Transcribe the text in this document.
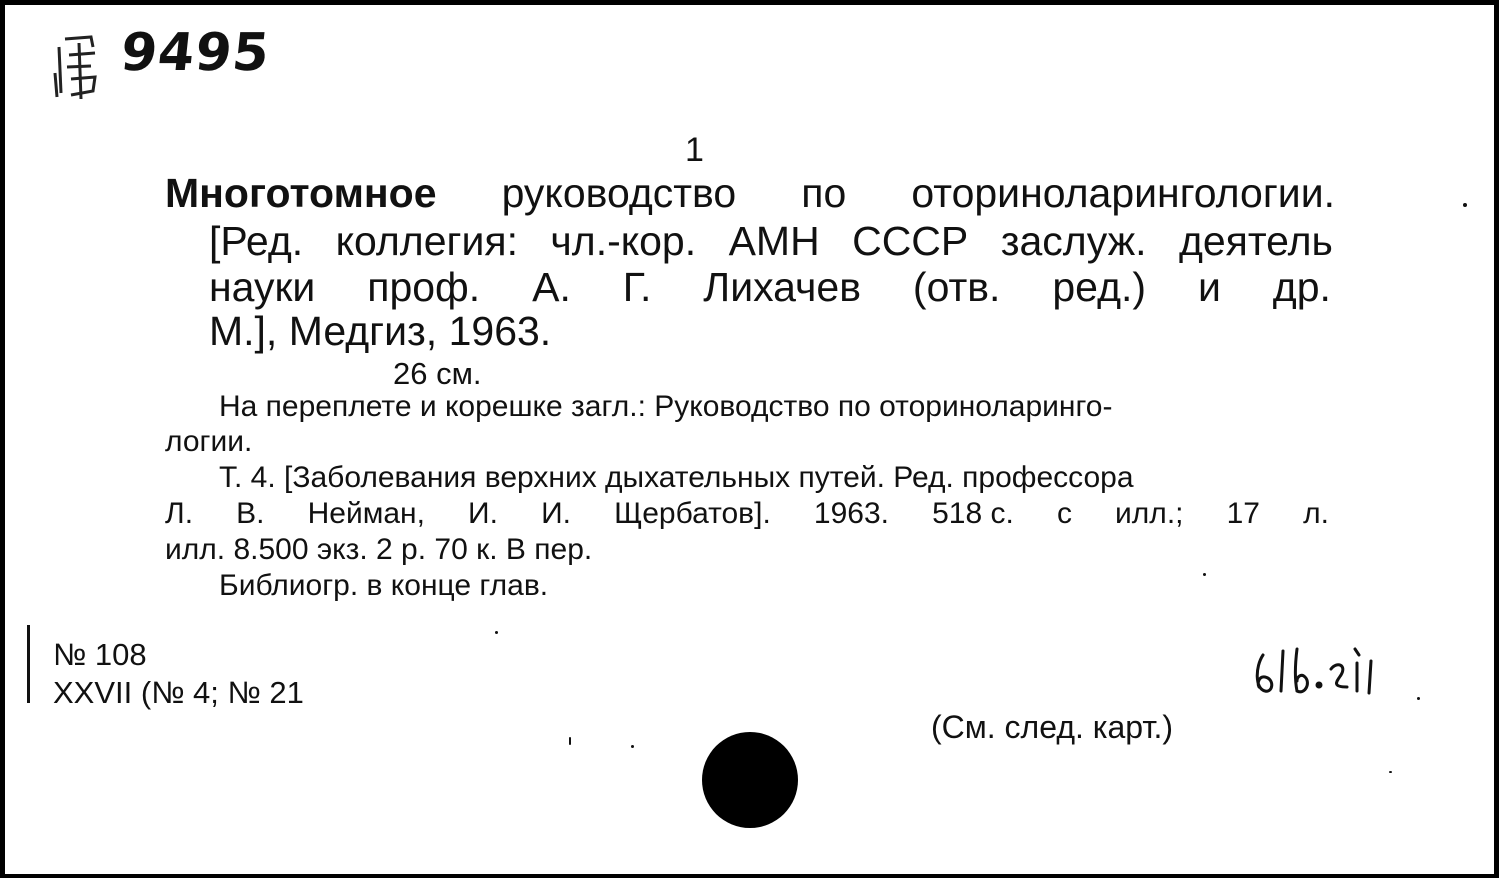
9495
1
Многотомное руководство по оториноларингологии.
[Ред. коллегия: чл.-кор. АМН СССР заслуж. деятель
науки проф. А. Г. Лихачев (отв. ред.) и др.
М.], Медгиз, 1963.
26 см.
На переплете и корешке загл.: Руководство по оториноларинго-
логии.
Т. 4. [Заболевания верхних дыхательных путей. Ред. профессора
Л. В. Нейман, И. И. Щербатов]. 1963. 518 с. с илл.; 17 л.
илл. 8.500 экз. 2 р. 70 к. В пер.
Библиогр. в конце глав.
№ 108
XXVII (№ 4; № 21
(См. след. карт.)
